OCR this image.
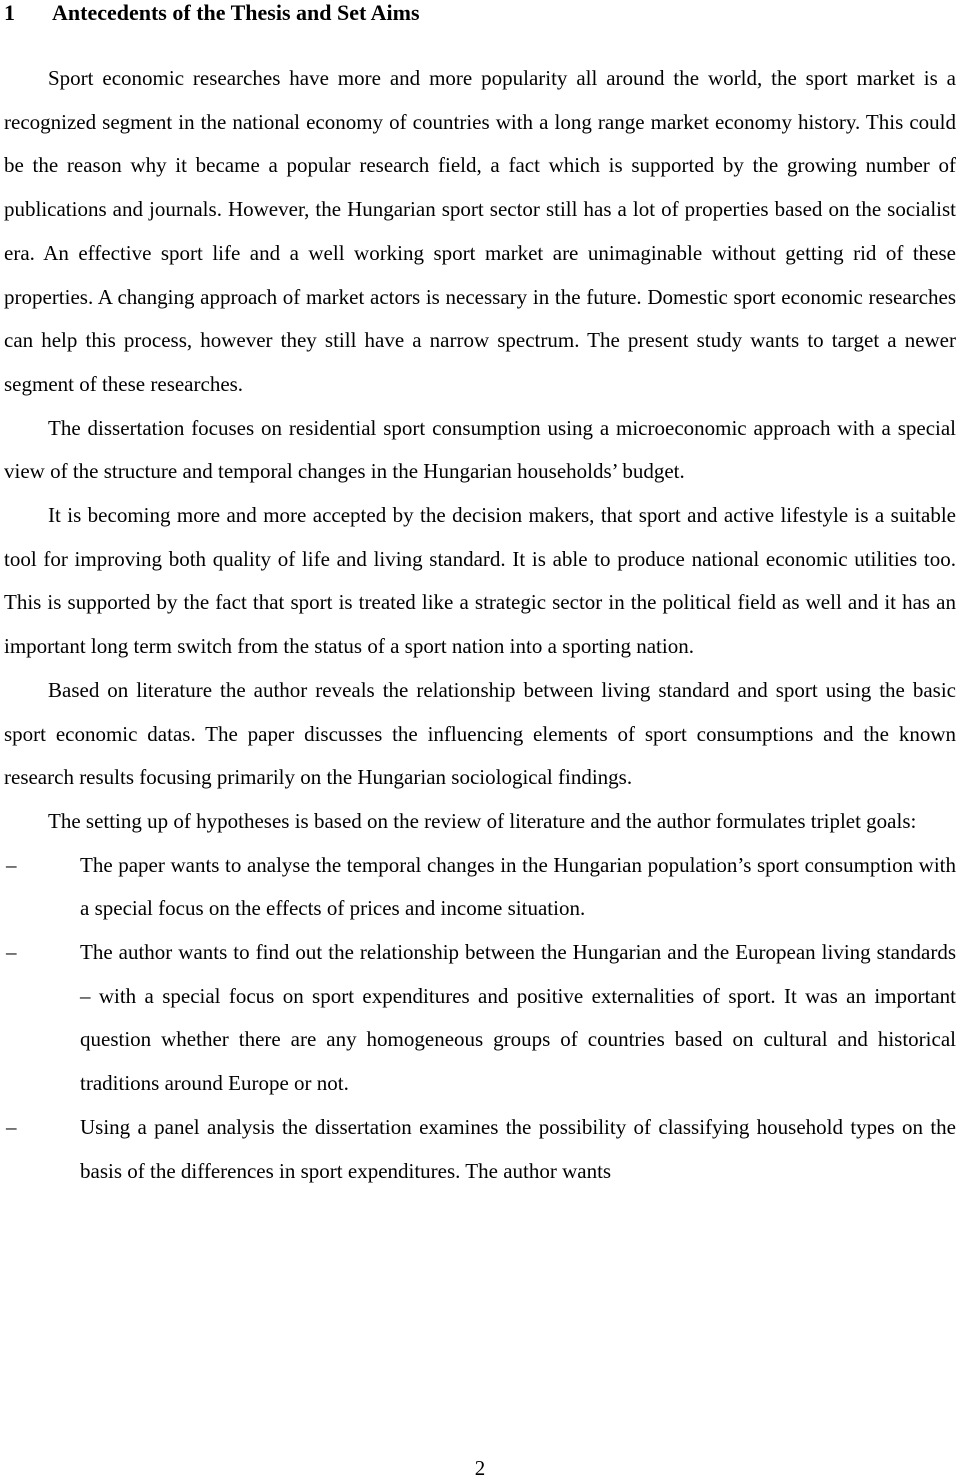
1 Antecedents of the Thesis and Set Aims

Sport economic researches have more and more popularity all around the world, the sport market is a recognized segment in the national economy of countries with a long range market economy history. This could be the reason why it became a popular research field, a fact which is supported by the growing number of publications and journals. However, the Hungarian sport sector still has a lot of properties based on the socialist era. An effective sport life and a well working sport market are unimaginable without getting rid of these properties. A changing approach of market actors is necessary in the future. Domestic sport economic researches can help this process, however they still have a narrow spectrum. The present study wants to target a newer segment of these researches.

The dissertation focuses on residential sport consumption using a microeconomic approach with a special view of the structure and temporal changes in the Hungarian households’ budget.

It is becoming more and more accepted by the decision makers, that sport and active lifestyle is a suitable tool for improving both quality of life and living standard. It is able to produce national economic utilities too. This is supported by the fact that sport is treated like a strategic sector in the political field as well and it has an important long term switch from the status of a sport nation into a sporting nation.

Based on literature the author reveals the relationship between living standard and sport using the basic sport economic datas. The paper discusses the influencing elements of sport consumptions and the known research results focusing primarily on the Hungarian sociological findings.

The setting up of hypotheses is based on the review of literature and the author formulates triplet goals:

–	The paper wants to analyse the temporal changes in the Hungarian population’s sport consumption with a special focus on the effects of prices and income situation.
–	The author wants to find out the relationship between the Hungarian and the European living standards – with a special focus on sport expenditures and positive externalities of sport. It was an important question whether there are any homogeneous groups of countries based on cultural and historical traditions around Europe or not.
–	Using a panel analysis the dissertation examines the possibility of classifying household types on the basis of the differences in sport expenditures. The author wants
2
